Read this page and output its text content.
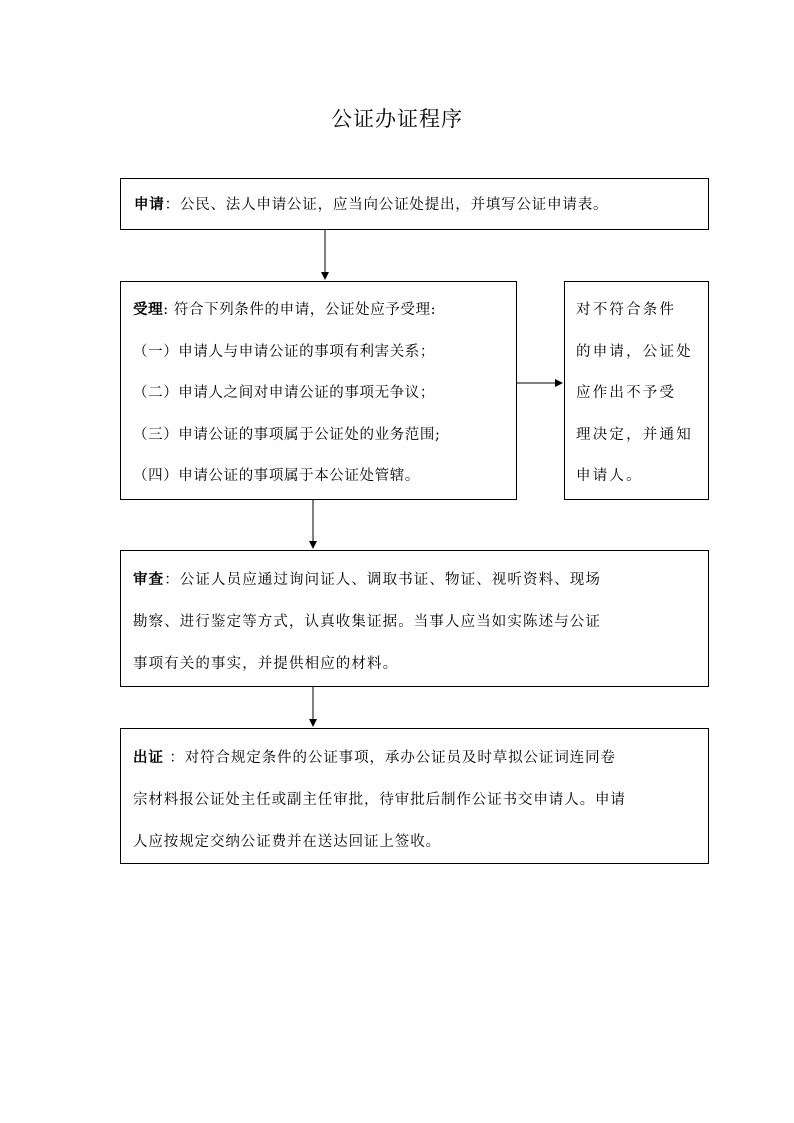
公证办证程序
申请：公民、法人申请公证，应当向公证处提出，并填写公证申请表。
受理: 符合下列条件的申请，公证处应予受理:
（一）申请人与申请公证的事项有利害关系；
（二）申请人之间对申请公证的事项无争议；
（三）申请公证的事项属于公证处的业务范围;
（四）申请公证的事项属于本公证处管辖。
对不符合条件
的申请，公证处
应作出不予受
理决定，并通知
申请人。
审查：公证人员应通过询问证人、调取书证、物证、视听资料、现场
勘察、进行鉴定等方式，认真收集证据。当事人应当如实陈述与公证
事项有关的事实，并提供相应的材料。
出证 ：对符合规定条件的公证事项，承办公证员及时草拟公证词连同卷
宗材料报公证处主任或副主任审批，待审批后制作公证书交申请人。申请
人应按规定交纳公证费并在送达回证上签收。
